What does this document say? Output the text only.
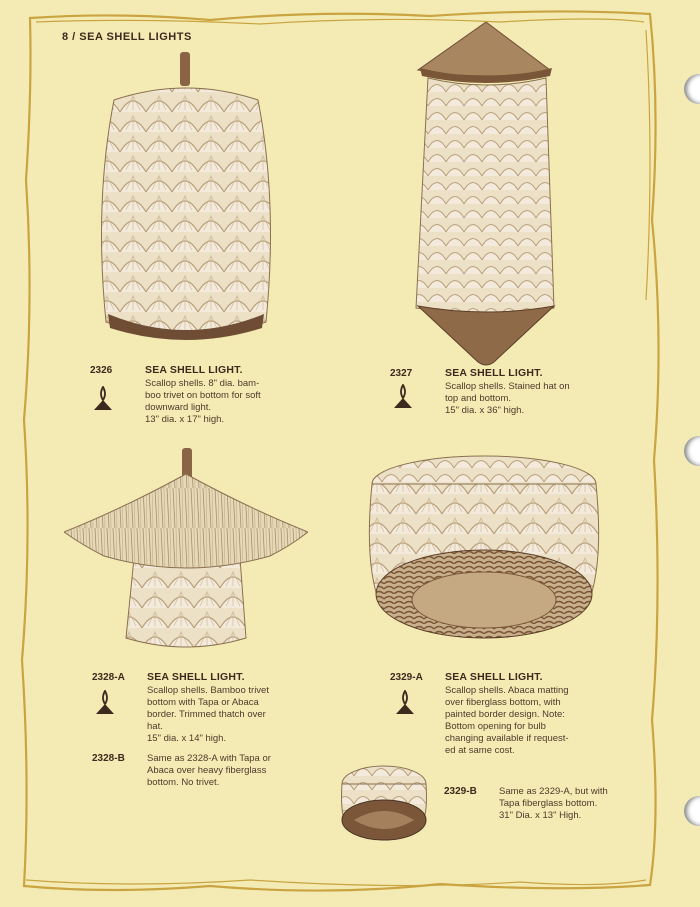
8 / SEA SHELL LIGHTS
2326	SEA SHELL LIGHT.
Scallop shells. 8" dia. bam-
boo trivet on bottom for soft
downward light.
13" dia. x 17" high.
2327	SEA SHELL LIGHT.
Scallop shells. Stained hat on
top and bottom.
15" dia. x 36" high.
2328-A SEA SHELL LIGHT.
Scallop shells. Bamboo trivet
bottom with Tapa or Abaca
border. Trimmed thatch over
hat.
15" dia. x 14" high.
2328-B Same as 2328-A with Tapa or
Abaca over heavy fiberglass
bottom. No trivet.
2329-A SEA SHELL LIGHT.
Scallop shells. Abaca matting
over fiberglass bottom, with
painted border design. Note:
Bottom opening for bulb
changing available if request-
ed at same cost.
2329-B Same as 2329-A, but with
Tapa fiberglass bottom.
31" Dia. x 13" High.
